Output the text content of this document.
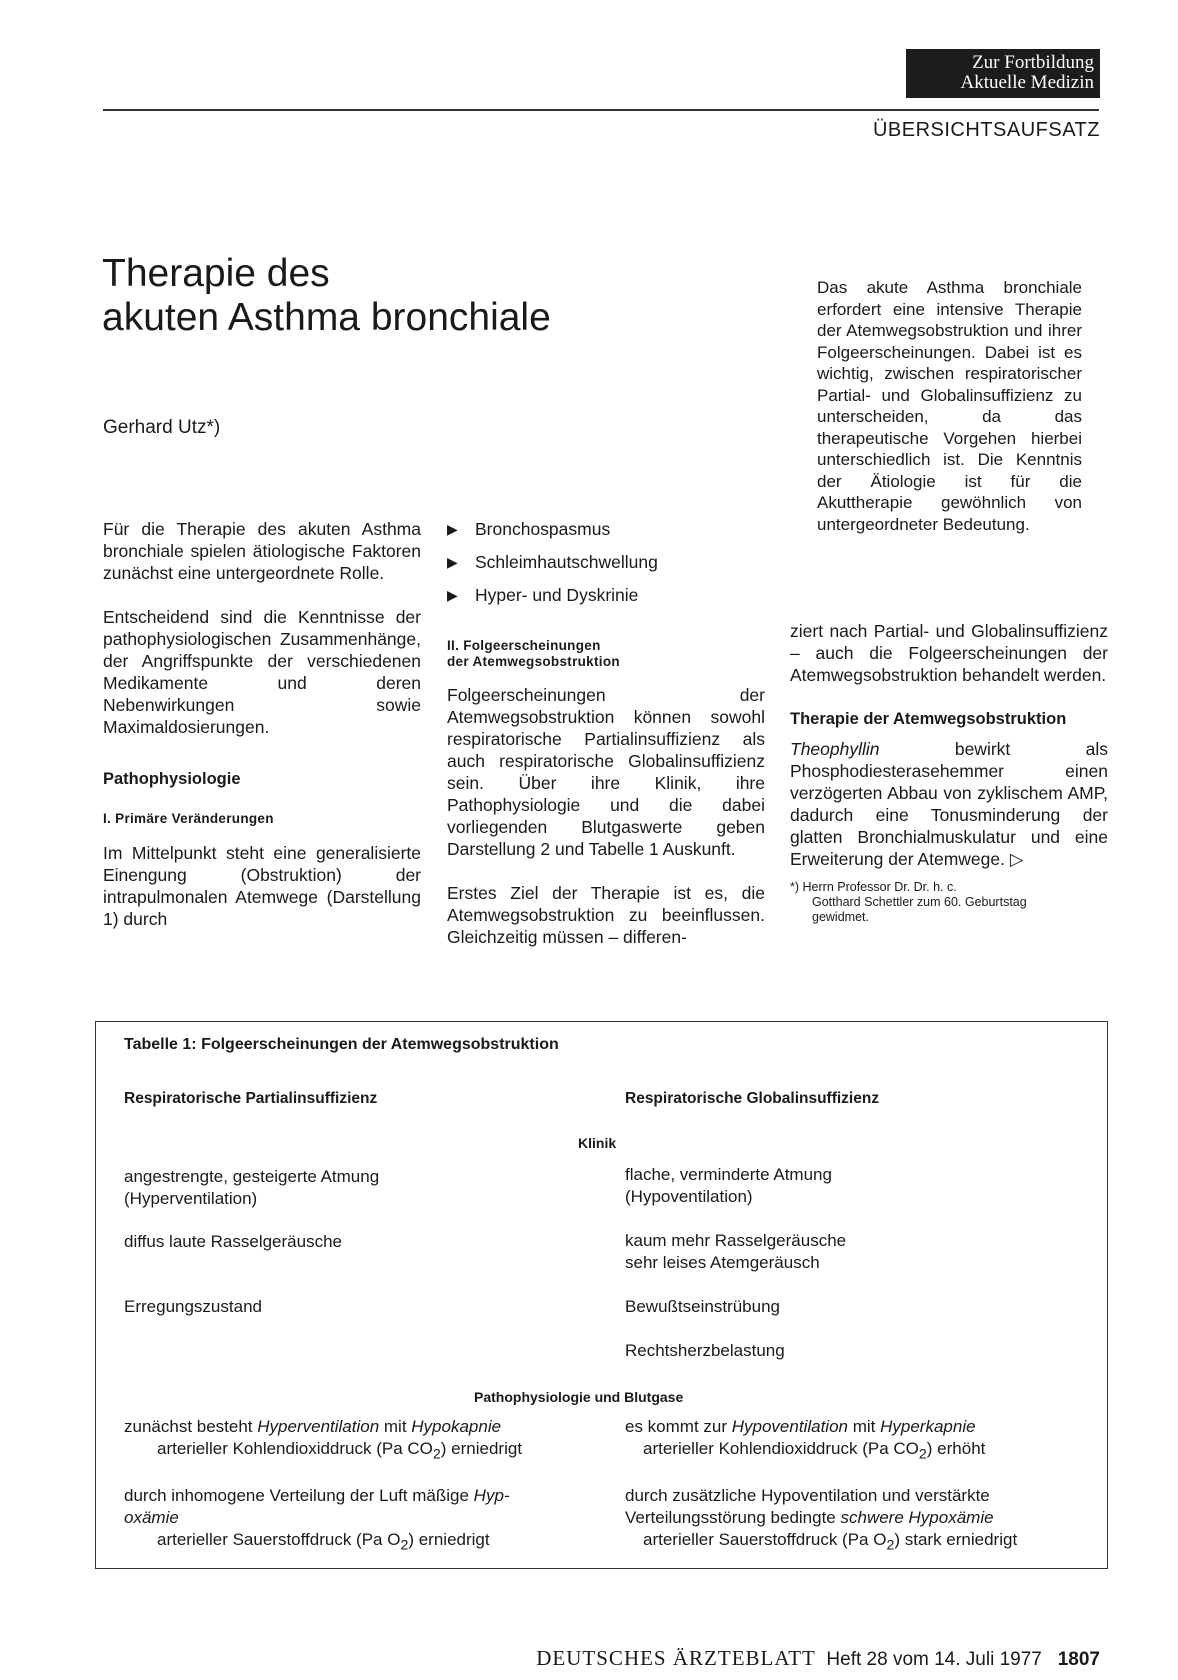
Zur Fortbildung
Aktuelle Medizin
ÜBERSICHTSAUFSATZ
Therapie des
akuten Asthma bronchiale
Gerhard Utz*)
Das akute Asthma bronchiale erfordert eine intensive Therapie der Atemwegsobstruktion und ihrer Folgeerscheinungen. Dabei ist es wichtig, zwischen respiratorischer Partial- und Globalinsuffizienz zu unterscheiden, da das therapeutische Vorgehen hierbei unterschiedlich ist. Die Kenntnis der Ätiologie ist für die Akuttherapie gewöhnlich von untergeordneter Bedeutung.

Für die Therapie des akuten Asthma bronchiale spielen ätiologische Faktoren zunächst eine untergeordnete Rolle.

Entscheidend sind die Kenntnisse der pathophysiologischen Zusammenhänge, der Angriffspunkte der verschiedenen Medikamente und deren Nebenwirkungen sowie Maximaldosierungen.

Pathophysiologie
I. Primäre Veränderungen

Im Mittelpunkt steht eine generalisierte Einengung (Obstruktion) der intrapulmonalen Atemwege (Darstellung 1) durch

▶ Bronchospasmus
▶ Schleimhautschwellung
▶ Hyper- und Dyskrinie
II. Folgeerscheinungen
der Atemwegsobstruktion

Folgeerscheinungen der Atemwegsobstruktion können sowohl respiratorische Partialinsuffizienz als auch respiratorische Globalinsuffizienz sein. Über ihre Klinik, ihre Pathophysiologie und die dabei vorliegenden Blutgaswerte geben Darstellung 2 und Tabelle 1 Auskunft.

Erstes Ziel der Therapie ist es, die Atemwegsobstruktion zu beeinflussen. Gleichzeitig müssen – differen-

ziert nach Partial- und Globalinsuffizienz – auch die Folgeerscheinungen der Atemwegsobstruktion behandelt werden.

Therapie der Atemwegsobstruktion

Theophyllin bewirkt als Phosphodiesterasehemmer einen verzögerten Abbau von zyklischem AMP, dadurch eine Tonusminderung der glatten Bronchialmuskulatur und eine Erweiterung der Atemwege. ▷

*) Herrn Professor Dr. Dr. h. c.
Gotthard Schettler zum 60. Geburtstag
gewidmet.
Tabelle 1: Folgeerscheinungen der Atemwegsobstruktion
Respiratorische Partialinsuffizienz	Respiratorische Globalinsuffizienz
Klinik
angestrengte, gesteigerte Atmung
(Hyperventilation)
diffus laute Rasselgeräusche
Erregungszustand
flache, verminderte Atmung
(Hypoventilation)
kaum mehr Rasselgeräusche
sehr leises Atemgeräusch
Bewußtseinstrübung
Rechtsherzbelastung
Pathophysiologie und Blutgase
zunächst besteht Hyperventilation mit Hypokapnie
arterieller Kohlendioxiddruck (Pa $CO_2$) erniedrigt
durch inhomogene Verteilung der Luft mäßige Hyp-
oxämie
arterieller Sauerstoffdruck (Pa $O_2$) erniedrigt
es kommt zur Hypoventilation mit Hyperkapnie
arterieller Kohlendioxiddruck (Pa $CO_2$) erhöht
durch zusätzliche Hypoventilation und verstärkte
Verteilungsstörung bedingte schwere Hypoxämie
arterieller Sauerstoffdruck (Pa $O_2$) stark erniedrigt
DEUTSCHES ÄRZTEBLATT Heft 28 vom 14. Juli 1977 1807
